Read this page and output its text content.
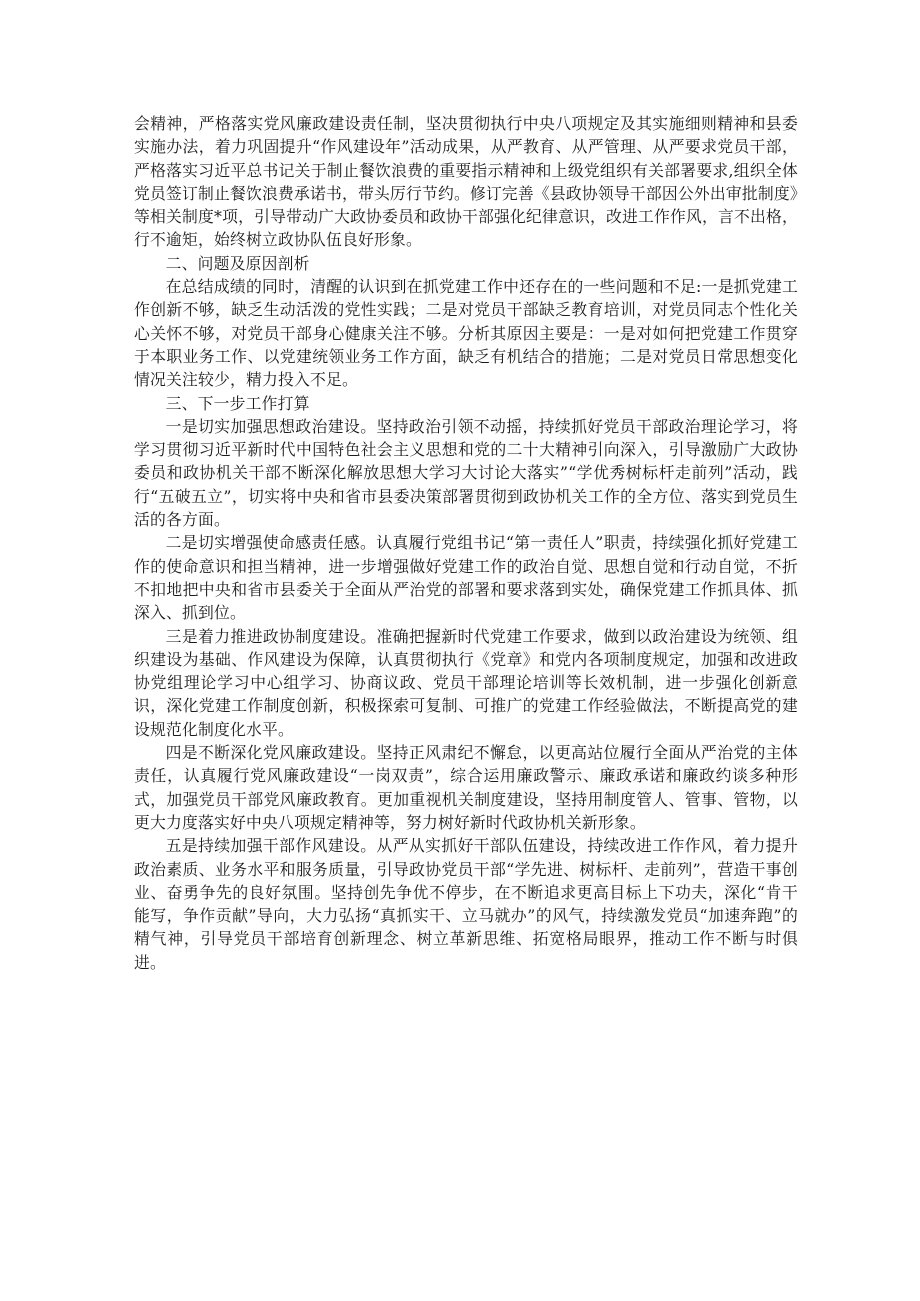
会精神，严格落实党风廉政建设责任制，坚决贯彻执行中央八项规定及其实施细则精神和县委实施办法，着力巩固提升“作风建设年”活动成果，从严教育、从严管理、从严要求党员干部，严格落实习近平总书记关于制止餐饮浪费的重要指示精神和上级党组织有关部署要求,组织全体党员签订制止餐饮浪费承诺书，带头厉行节约。修订完善《县政协领导干部因公外出审批制度》等相关制度*项，引导带动广大政协委员和政协干部强化纪律意识，改进工作作风，言不出格，行不逾矩，始终树立政协队伍良好形象。

二、问题及原因剖析

在总结成绩的同时，清醒的认识到在抓党建工作中还存在的一些问题和不足:一是抓党建工作创新不够，缺乏生动活泼的党性实践；二是对党员干部缺乏教育培训，对党员同志个性化关心关怀不够，对党员干部身心健康关注不够。分析其原因主要是：一是对如何把党建工作贯穿于本职业务工作、以党建统领业务工作方面，缺乏有机结合的措施；二是对党员日常思想变化情况关注较少，精力投入不足。

三、下一步工作打算

一是切实加强思想政治建设。坚持政治引领不动摇，持续抓好党员干部政治理论学习，将学习贯彻习近平新时代中国特色社会主义思想和党的二十大精神引向深入，引导激励广大政协委员和政协机关干部不断深化解放思想大学习大讨论大落实”“学优秀树标杆走前列”活动，践行“五破五立”，切实将中央和省市县委决策部署贯彻到政协机关工作的全方位、落实到党员生活的各方面。

二是切实增强使命感责任感。认真履行党组书记“第一责任人”职责，持续强化抓好党建工作的使命意识和担当精神，进一步增强做好党建工作的政治自觉、思想自觉和行动自觉，不折不扣地把中央和省市县委关于全面从严治党的部署和要求落到实处，确保党建工作抓具体、抓深入、抓到位。

三是着力推进政协制度建设。准确把握新时代党建工作要求，做到以政治建设为统领、组织建设为基础、作风建设为保障，认真贯彻执行《党章》和党内各项制度规定，加强和改进政协党组理论学习中心组学习、协商议政、党员干部理论培训等长效机制，进一步强化创新意识，深化党建工作制度创新，积极探索可复制、可推广的党建工作经验做法，不断提高党的建设规范化制度化水平。

四是不断深化党风廉政建设。坚持正风肃纪不懈怠，以更高站位履行全面从严治党的主体责任，认真履行党风廉政建设“一岗双责”，综合运用廉政警示、廉政承诺和廉政约谈多种形式，加强党员干部党风廉政教育。更加重视机关制度建设，坚持用制度管人、管事、管物，以更大力度落实好中央八项规定精神等，努力树好新时代政协机关新形象。

五是持续加强干部作风建设。从严从实抓好干部队伍建设，持续改进工作作风，着力提升政治素质、业务水平和服务质量，引导政协党员干部“学先进、树标杆、走前列”，营造干事创业、奋勇争先的良好氛围。坚持创先争优不停步，在不断追求更高目标上下功夫，深化“肯干能写，争作贡献”导向，大力弘扬“真抓实干、立马就办”的风气，持续激发党员“加速奔跑”的精气神，引导党员干部培育创新理念、树立革新思维、拓宽格局眼界，推动工作不断与时俱进。
